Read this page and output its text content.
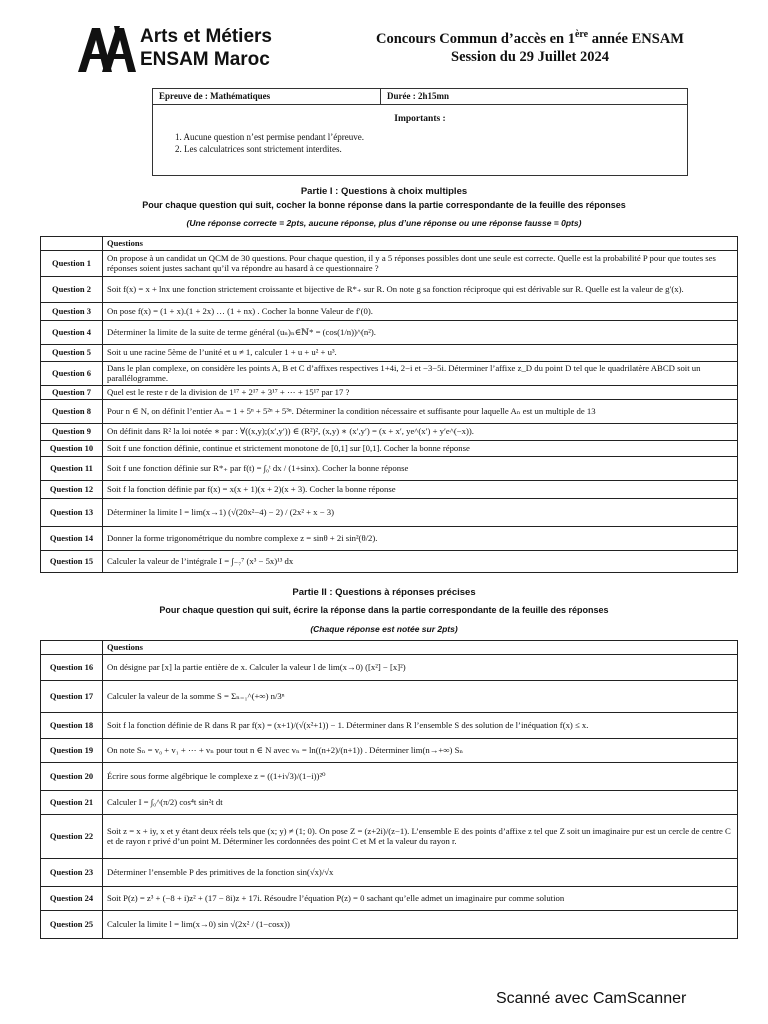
Arts et Métiers
ENSAM Maroc
Concours Commun d’accès en 1ère année ENSAM
Session du 29 Juillet 2024
Epreuve de : Mathématiques	Durée : 2h15mn
Importants :
1. Aucune question n’est permise pendant l’épreuve.
2. Les calculatrices sont strictement interdites.
Partie I : Questions à choix multiples
Pour chaque question qui suit, cocher la bonne réponse dans la partie correspondante de la feuille des réponses
(Une réponse correcte = 2pts, aucune réponse, plus d’une réponse ou une réponse fausse = 0pts)
	Questions
Question 1	On propose à un candidat un QCM de 30 questions. Pour chaque question, il y a 5 réponses possibles dont une seule est correcte. Quelle est la probabilité P pour que toutes ses réponses soient justes sachant qu’il va répondre au hasard à ce questionnaire ?
Question 2	Soit f(x) = x + lnx une fonction strictement croissante et bijective de R*₊ sur R. On note g sa fonction réciproque qui est dérivable sur R. Quelle est la valeur de g′(x).
Question 3	On pose f(x) = (1 + x).(1 + 2x) … (1 + nx) . Cocher la bonne Valeur de f′(0).
Question 4	Déterminer la limite de la suite de terme général (uₙ)ₙ∈ℕ* = (cos(1/n))^(n²).
Question 5	Soit u une racine 5ème de l’unité et u ≠ 1, calculer 1 + u + u² + u³.
Question 6	Dans le plan complexe, on considère les points A, B et C d’affixes respectives 1+4i, 2−i et −3−5i. Déterminer l’affixe z_D du point D tel que le quadrilatère ABCD soit un parallélogramme.
Question 7	Quel est le reste r de la division de 1¹⁷ + 2¹⁷ + 3¹⁷ + ⋯ + 15¹⁷ par 17 ?
Question 8	Pour n ∈ N, on définit l’entier Aₙ = 1 + 5ⁿ + 5²ⁿ + 5³ⁿ. Déterminer la condition nécessaire et suffisante pour laquelle Aₙ est un multiple de 13
Question 9	On définit dans R² la loi notée ∗ par : ∀((x,y);(x′,y′)) ∈ (R²)², (x,y) ∗ (x′,y′) = (x + x′, ye^(x′) + y′e^(−x)).
Question 10	Soit f une fonction définie, continue et strictement monotone de [0,1] sur [0,1]. Cocher la bonne réponse
Question 11	Soit f une fonction définie sur R*₊ par f(t) = ∫₀ᵗ dx / (1+sinx). Cocher la bonne réponse
Question 12	Soit f la fonction définie par f(x) = x(x + 1)(x + 2)(x + 3). Cocher la bonne réponse
Question 13	Déterminer la limite l = lim(x→1) (√(20x²−4) − 2) / (2x² + x − 3)
Question 14	Donner la forme trigonométrique du nombre complexe z = sinθ + 2i sin²(θ/2).
Question 15	Calculer la valeur de l’intégrale I = ∫₋₇⁷ (x³ − 5x)¹³ dx
Partie II : Questions à réponses précises
Pour chaque question qui suit, écrire la réponse dans la partie correspondante de la feuille des réponses
(Chaque réponse est notée sur 2pts)
	Questions
Question 16	On désigne par [x] la partie entière de x. Calculer la valeur l de lim(x→0) ([x²] − [x]²)
Question 17	Calculer la valeur de la somme S = Σₙ₌₁^(+∞) n/3ⁿ
Question 18	Soit f la fonction définie de R dans R par f(x) = (x+1)/(√(x²+1)) − 1. Déterminer dans R l’ensemble S des solution de l’inéquation f(x) ≤ x.
Question 19	On note Sₙ = v₀ + v₁ + ⋯ + vₙ pour tout n ∈ N avec vₙ = ln((n+2)/(n+1)) . Déterminer lim(n→+∞) Sₙ
Question 20	Écrire sous forme algébrique le complexe z = ((1+i√3)/(1−i))²⁰
Question 21	Calculer I = ∫₀^(π/2) cos⁴t sin²t dt
Question 22	Soit z = x + iy, x et y étant deux réels tels que (x; y) ≠ (1; 0). On pose Z = (z+2i)/(z−1). L’ensemble E des points d’affixe z tel que Z soit un imaginaire pur est un cercle de centre C et de rayon r privé d’un point M. Déterminer les cordonnées des point C et M et la valeur du rayon r.
Question 23	Déterminer l’ensemble P des primitives de la fonction sin(√x)/√x
Question 24	Soit P(z) = z³ + (−8 + i)z² + (17 − 8i)z + 17i. Résoudre l’équation P(z) = 0 sachant qu’elle admet un imaginaire pur comme solution
Question 25	Calculer la limite l = lim(x→0) sin √(2x² / (1−cosx))
Scanné avec CamScanner
